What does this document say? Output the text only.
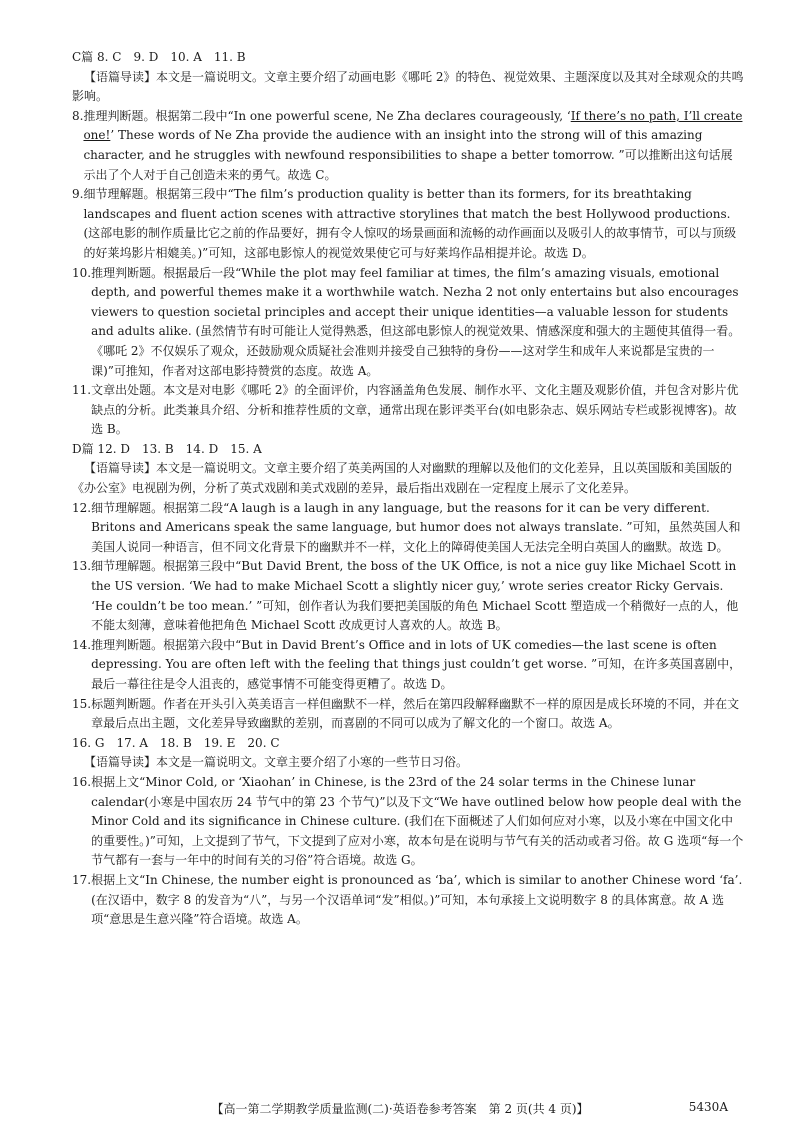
C篇 8. C　9. D　10. A　11. B

【语篇导读】本文是一篇说明文。文章主要介绍了动画电影《哪吒 2》的特色、视觉效果、主题深度以及其对全球观众的共鸣影响。

8. 推理判断题。根据第二段中“In one powerful scene, Ne Zha declares courageously, ‘If there’s no path, I’ll create one!’ These words of Ne Zha provide the audience with an insight into the strong will of this amazing character, and he struggles with newfound responsibilities to shape a better tomorrow. ”可以推断出这句话展示出了个人对于自己创造未来的勇气。故选 C。
9. 细节理解题。根据第三段中“The film’s production quality is better than its formers, for its breathtaking landscapes and fluent action scenes with attractive storylines that match the best Hollywood productions. (这部电影的制作质量比它之前的作品要好，拥有令人惊叹的场景画面和流畅的动作画面以及吸引人的故事情节，可以与顶级的好莱坞影片相媲美。)”可知，这部电影惊人的视觉效果使它可与好莱坞作品相提并论。故选 D。
10. 推理判断题。根据最后一段“While the plot may feel familiar at times, the film’s amazing visuals, emotional depth, and powerful themes make it a worthwhile watch. Nezha 2 not only entertains but also encourages viewers to question societal principles and accept their unique identities—a valuable lesson for students and adults alike. (虽然情节有时可能让人觉得熟悉，但这部电影惊人的视觉效果、情感深度和强大的主题使其值得一看。《哪吒 2》不仅娱乐了观众，还鼓励观众质疑社会准则并接受自己独特的身份——这对学生和成年人来说都是宝贵的一课)”可推知，作者对这部电影持赞赏的态度。故选 A。
11. 文章出处题。本文是对电影《哪吒 2》的全面评价，内容涵盖角色发展、制作水平、文化主题及观影价值，并包含对影片优缺点的分析。此类兼具介绍、分析和推荐性质的文章，通常出现在影评类平台(如电影杂志、娱乐网站专栏或影视博客)。故选 B。

D篇 12. D　13. B　14. D　15. A

【语篇导读】本文是一篇说明文。文章主要介绍了英美两国的人对幽默的理解以及他们的文化差异，且以英国版和美国版的《办公室》电视剧为例，分析了英式戏剧和美式戏剧的差异，最后指出戏剧在一定程度上展示了文化差异。

12. 细节理解题。根据第二段“A laugh is a laugh in any language, but the reasons for it can be very different. Britons and Americans speak the same language, but humor does not always translate. ”可知，虽然英国人和美国人说同一种语言，但不同文化背景下的幽默并不一样，文化上的障碍使美国人无法完全明白英国人的幽默。故选 D。
13. 细节理解题。根据第三段中“But David Brent, the boss of the UK Office, is not a nice guy like Michael Scott in the US version. ‘We had to make Michael Scott a slightly nicer guy,’ wrote series creator Ricky Gervais. ‘He couldn’t be too mean.’ ”可知，创作者认为我们要把美国版的角色 Michael Scott 塑造成一个稍微好一点的人，他不能太刻薄，意味着他把角色 Michael Scott 改成更讨人喜欢的人。故选 B。
14. 推理判断题。根据第六段中“But in David Brent’s Office and in lots of UK comedies—the last scene is often depressing. You are often left with the feeling that things just couldn’t get worse. ”可知，在许多英国喜剧中，最后一幕往往是令人沮丧的，感觉事情不可能变得更糟了。故选 D。
15. 标题判断题。作者在开头引入英美语言一样但幽默不一样，然后在第四段解释幽默不一样的原因是成长环境的不同，并在文章最后点出主题，文化差异导致幽默的差别，而喜剧的不同可以成为了解文化的一个窗口。故选 A。

16. G　17. A　18. B　19. E　20. C

【语篇导读】本文是一篇说明文。文章主要介绍了小寒的一些节日习俗。

16. 根据上文“Minor Cold, or ‘Xiaohan’ in Chinese, is the 23rd of the 24 solar terms in the Chinese lunar calendar(小寒是中国农历 24 节气中的第 23 个节气)”以及下文“We have outlined below how people deal with the Minor Cold and its significance in Chinese culture. (我们在下面概述了人们如何应对小寒，以及小寒在中国文化中的重要性。)”可知，上文提到了节气，下文提到了应对小寒，故本句是在说明与节气有关的活动或者习俗。故 G 选项“每一个节气都有一套与一年中的时间有关的习俗”符合语境。故选 G。
17. 根据上文“In Chinese, the number eight is pronounced as ‘ba’, which is similar to another Chinese word ‘fa’. (在汉语中，数字 8 的发音为“八”，与另一个汉语单词“发”相似。)”可知，本句承接上文说明数字 8 的具体寓意。故 A 选项“意思是生意兴隆”符合语境。故选 A。
【高一第二学期教学质量监测(二)·英语卷参考答案　第 2 页(共 4 页)】	5430A
